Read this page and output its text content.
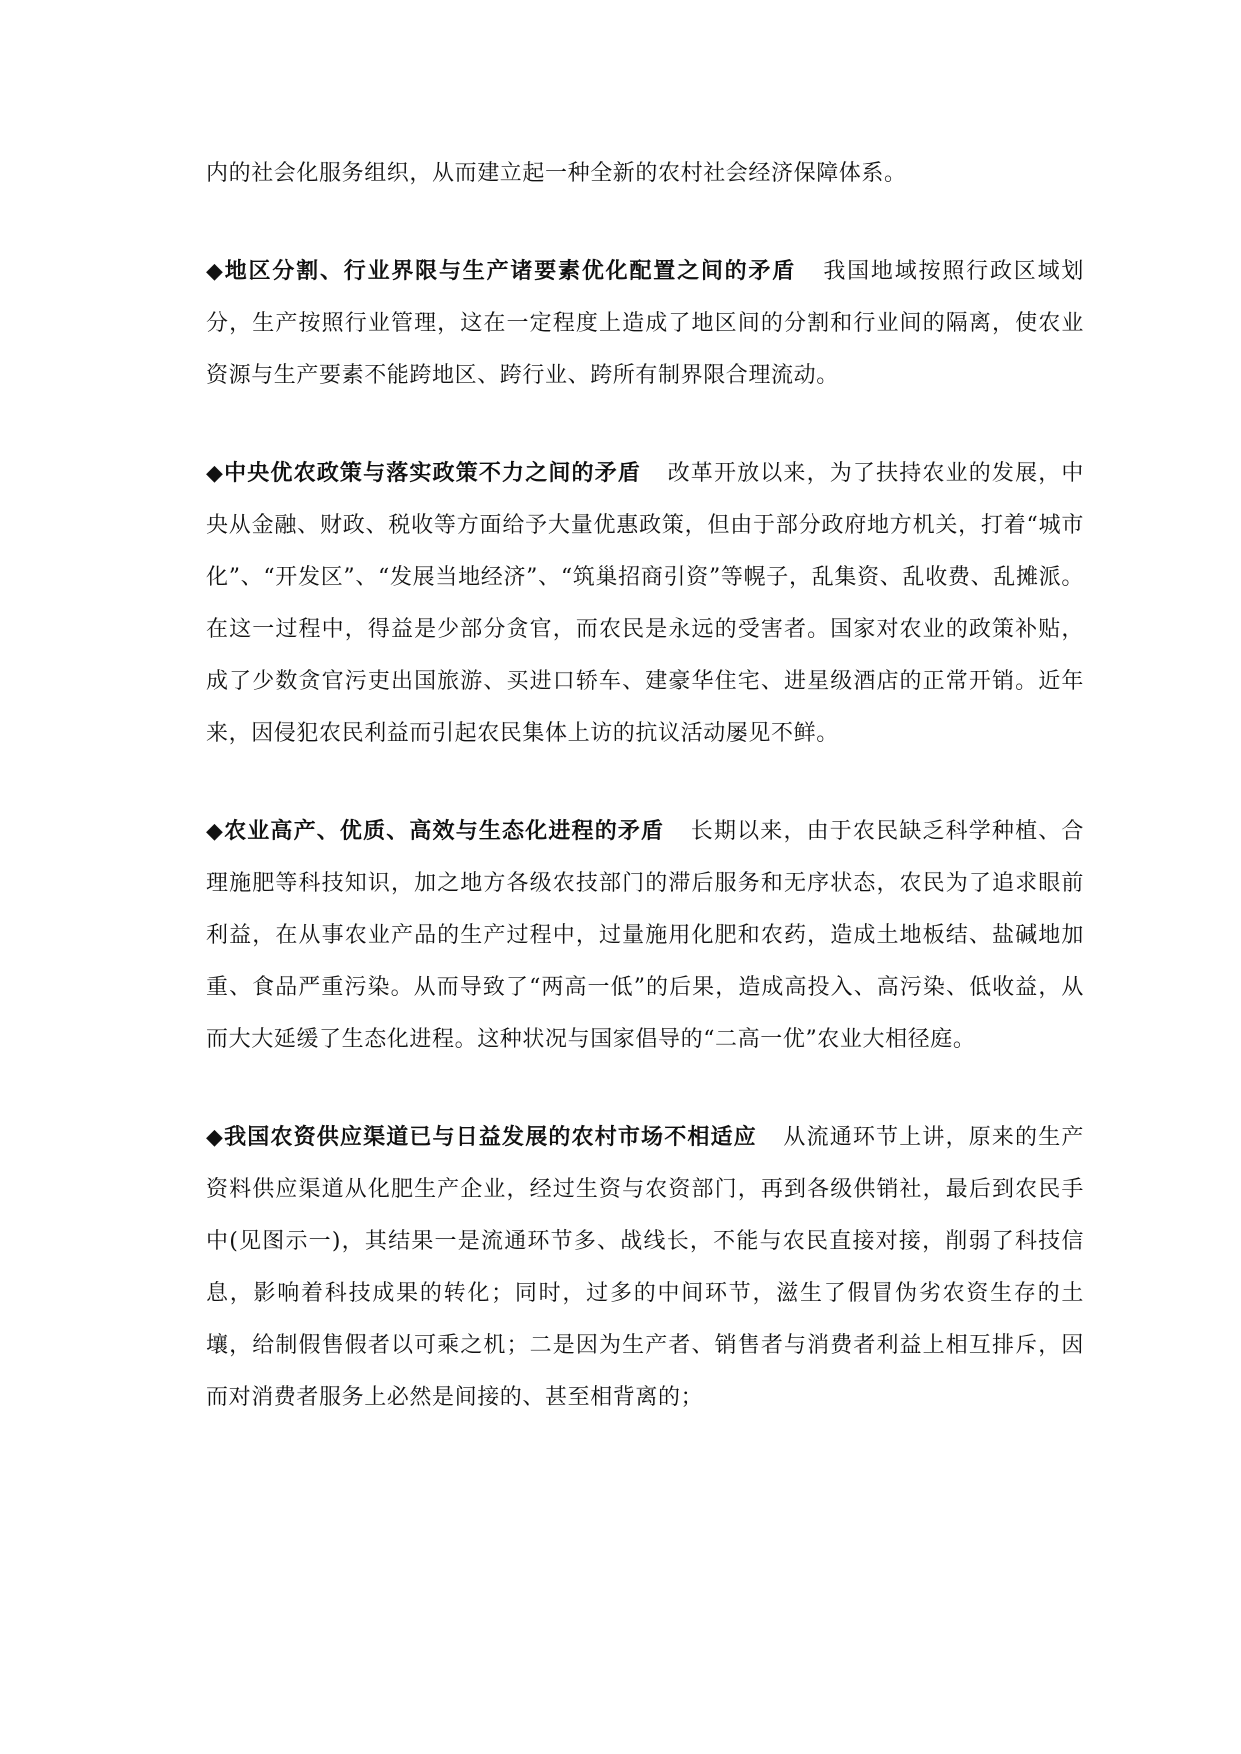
内的社会化服务组织，从而建立起一种全新的农村社会经济保障体系。

◆地区分割、行业界限与生产诸要素优化配置之间的矛盾 我国地域按照行政区域划分，生产按照行业管理，这在一定程度上造成了地区间的分割和行业间的隔离，使农业资源与生产要素不能跨地区、跨行业、跨所有制界限合理流动。

◆中央优农政策与落实政策不力之间的矛盾 改革开放以来，为了扶持农业的发展，中央从金融、财政、税收等方面给予大量优惠政策，但由于部分政府地方机关，打着“城市化”、“开发区”、“发展当地经济”、“筑巢招商引资”等幌子，乱集资、乱收费、乱摊派。在这一过程中，得益是少部分贪官，而农民是永远的受害者。国家对农业的政策补贴，成了少数贪官污吏出国旅游、买进口轿车、建豪华住宅、进星级酒店的正常开销。近年来，因侵犯农民利益而引起农民集体上访的抗议活动屡见不鲜。

◆农业高产、优质、高效与生态化进程的矛盾 长期以来，由于农民缺乏科学种植、合理施肥等科技知识，加之地方各级农技部门的滞后服务和无序状态，农民为了追求眼前利益，在从事农业产品的生产过程中，过量施用化肥和农药，造成土地板结、盐碱地加重、食品严重污染。从而导致了“两高一低”的后果，造成高投入、高污染、低收益，从而大大延缓了生态化进程。这种状况与国家倡导的“二高一优”农业大相径庭。

◆我国农资供应渠道已与日益发展的农村市场不相适应 从流通环节上讲，原来的生产资料供应渠道从化肥生产企业，经过生资与农资部门，再到各级供销社，最后到农民手中(见图示一)，其结果一是流通环节多、战线长，不能与农民直接对接，削弱了科技信息，影响着科技成果的转化；同时，过多的中间环节，滋生了假冒伪劣农资生存的土壤，给制假售假者以可乘之机；二是因为生产者、销售者与消费者利益上相互排斥，因而对消费者服务上必然是间接的、甚至相背离的；
